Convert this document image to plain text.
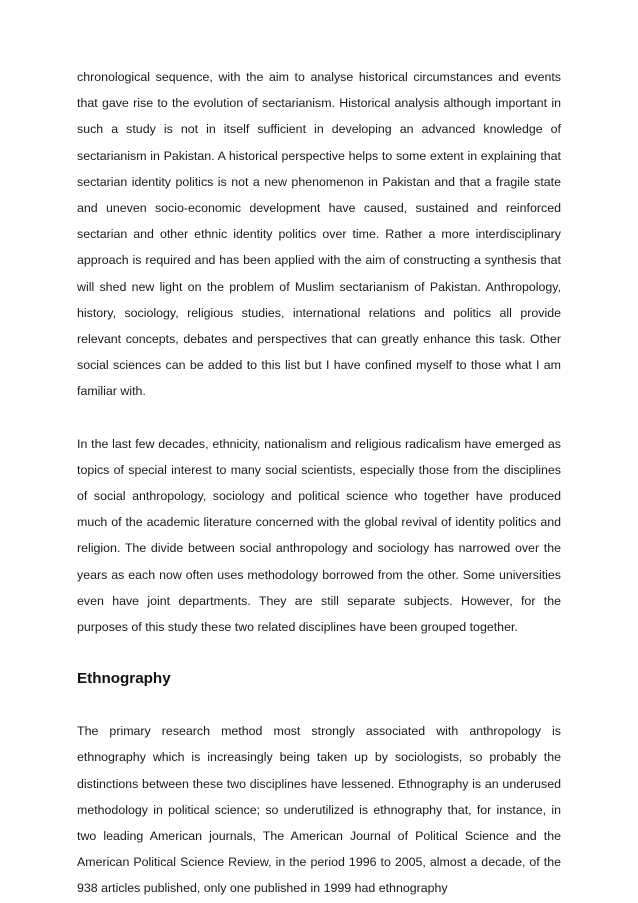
chronological sequence, with the aim to analyse historical circumstances and events that gave rise to the evolution of sectarianism. Historical analysis although important in such a study is not in itself sufficient in developing an advanced knowledge of sectarianism in Pakistan. A historical perspective helps to some extent in explaining that sectarian identity politics is not a new phenomenon in Pakistan and that a fragile state and uneven socio-economic development have caused, sustained and reinforced sectarian and other ethnic identity politics over time. Rather a more interdisciplinary approach is required and has been applied with the aim of constructing a synthesis that will shed new light on the problem of Muslim sectarianism of Pakistan. Anthropology, history, sociology, religious studies, international relations and politics all provide relevant concepts, debates and perspectives that can greatly enhance this task. Other social sciences can be added to this list but I have confined myself to those what I am familiar with.

In the last few decades, ethnicity, nationalism and religious radicalism have emerged as topics of special interest to many social scientists, especially those from the disciplines of social anthropology, sociology and political science who together have produced much of the academic literature concerned with the global revival of identity politics and religion. The divide between social anthropology and sociology has narrowed over the years as each now often uses methodology borrowed from the other. Some universities even have joint departments. They are still separate subjects. However, for the purposes of this study these two related disciplines have been grouped together.

Ethnography

The primary research method most strongly associated with anthropology is ethnography which is increasingly being taken up by sociologists, so probably the distinctions between these two disciplines have lessened. Ethnography is an underused methodology in political science; so underutilized is ethnography that, for instance, in two leading American journals, The American Journal of Political Science and the American Political Science Review, in the period 1996 to 2005, almost a decade, of the 938 articles published, only one published in 1999 had ethnography
